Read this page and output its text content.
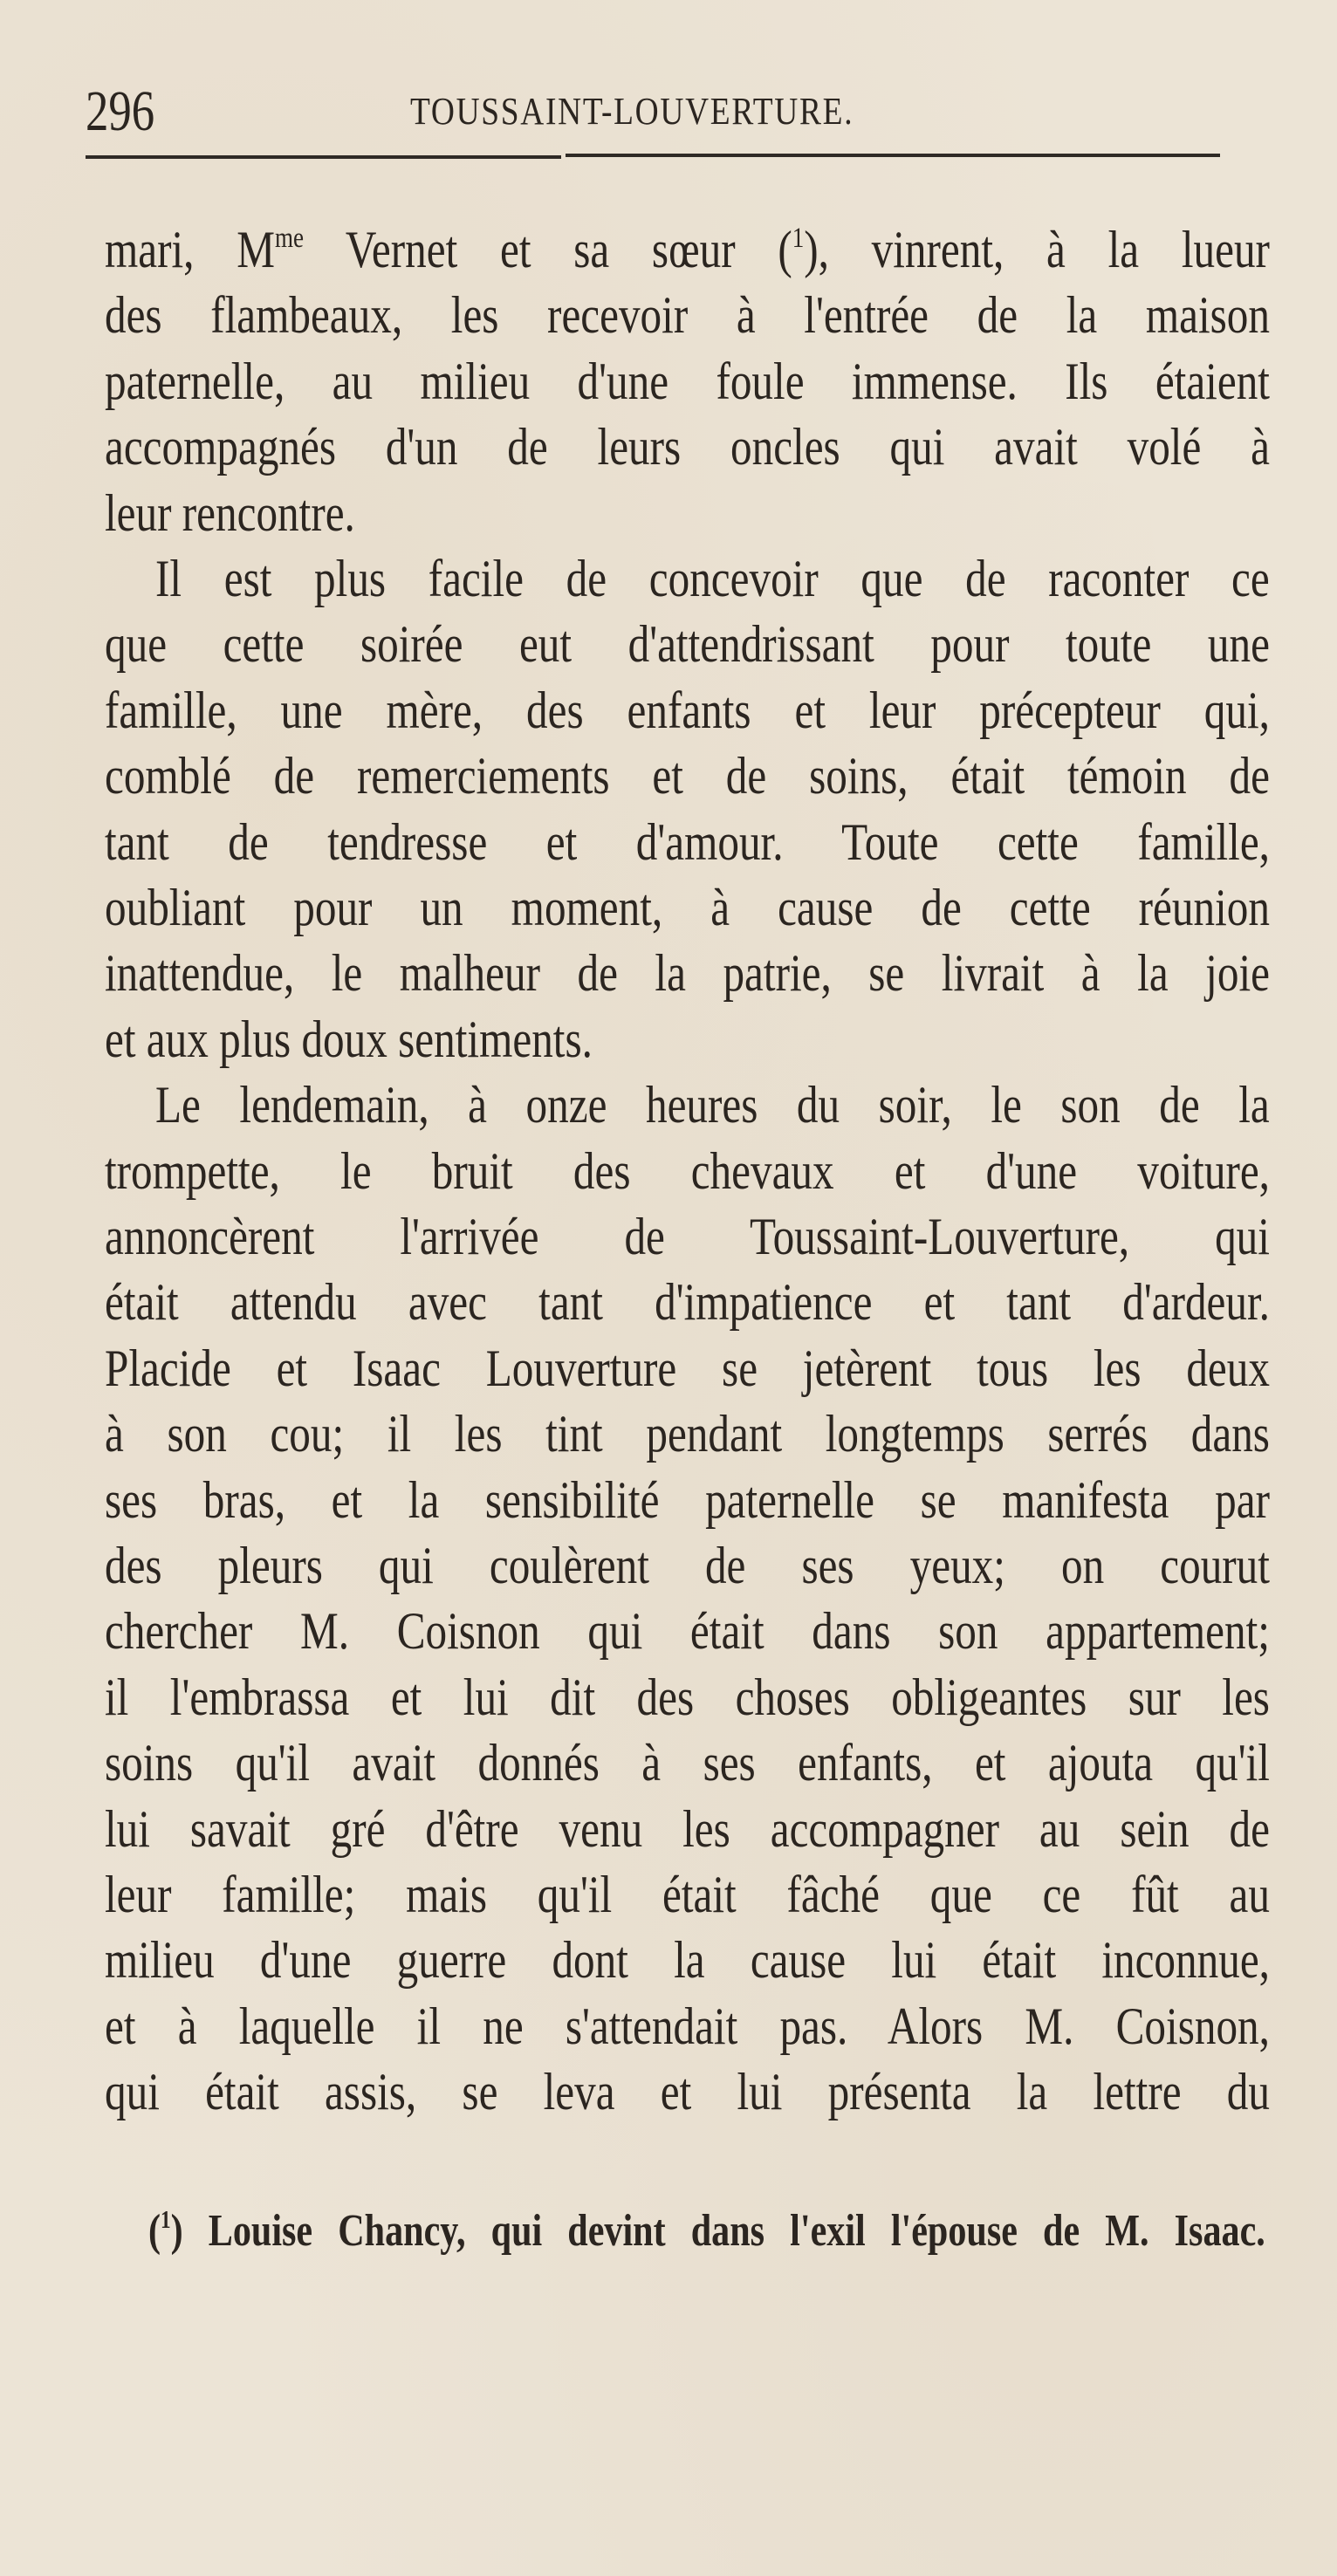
296	TOUSSAINT-LOUVERTURE.
mari, $M^{me}$ Vernet et sa sœur ($^1$), vinrent, à la lueur
des flambeaux, les recevoir à l'entrée de la maison
paternelle, au milieu d'une foule immense. Ils étaient
accompagnés d'un de leurs oncles qui avait volé à
leur rencontre.
Il est plus facile de concevoir que de raconter ce
que cette soirée eut d'attendrissant pour toute une
famille, une mère, des enfants et leur précepteur qui,
comblé de remerciements et de soins, était témoin de
tant de tendresse et d'amour. Toute cette famille,
oubliant pour un moment, à cause de cette réunion
inattendue, le malheur de la patrie, se livrait à la joie
et aux plus doux sentiments.
Le lendemain, à onze heures du soir, le son de la
trompette, le bruit des chevaux et d'une voiture,
annoncèrent l'arrivée de Toussaint-Louverture, qui
était attendu avec tant d'impatience et tant d'ardeur.
Placide et Isaac Louverture se jetèrent tous les deux
à son cou; il les tint pendant longtemps serrés dans
ses bras, et la sensibilité paternelle se manifesta par
des pleurs qui coulèrent de ses yeux; on courut
chercher M. Coisnon qui était dans son appartement;
il l'embrassa et lui dit des choses obligeantes sur les
soins qu'il avait donnés à ses enfants, et ajouta qu'il
lui savait gré d'être venu les accompagner au sein de
leur famille; mais qu'il était fâché que ce fût au
milieu d'une guerre dont la cause lui était inconnue,
et à laquelle il ne s'attendait pas. Alors M. Coisnon,
qui était assis, se leva et lui présenta la lettre du
($^1$) Louise Chancy, qui devint dans l'exil l'épouse de M. Isaac.
